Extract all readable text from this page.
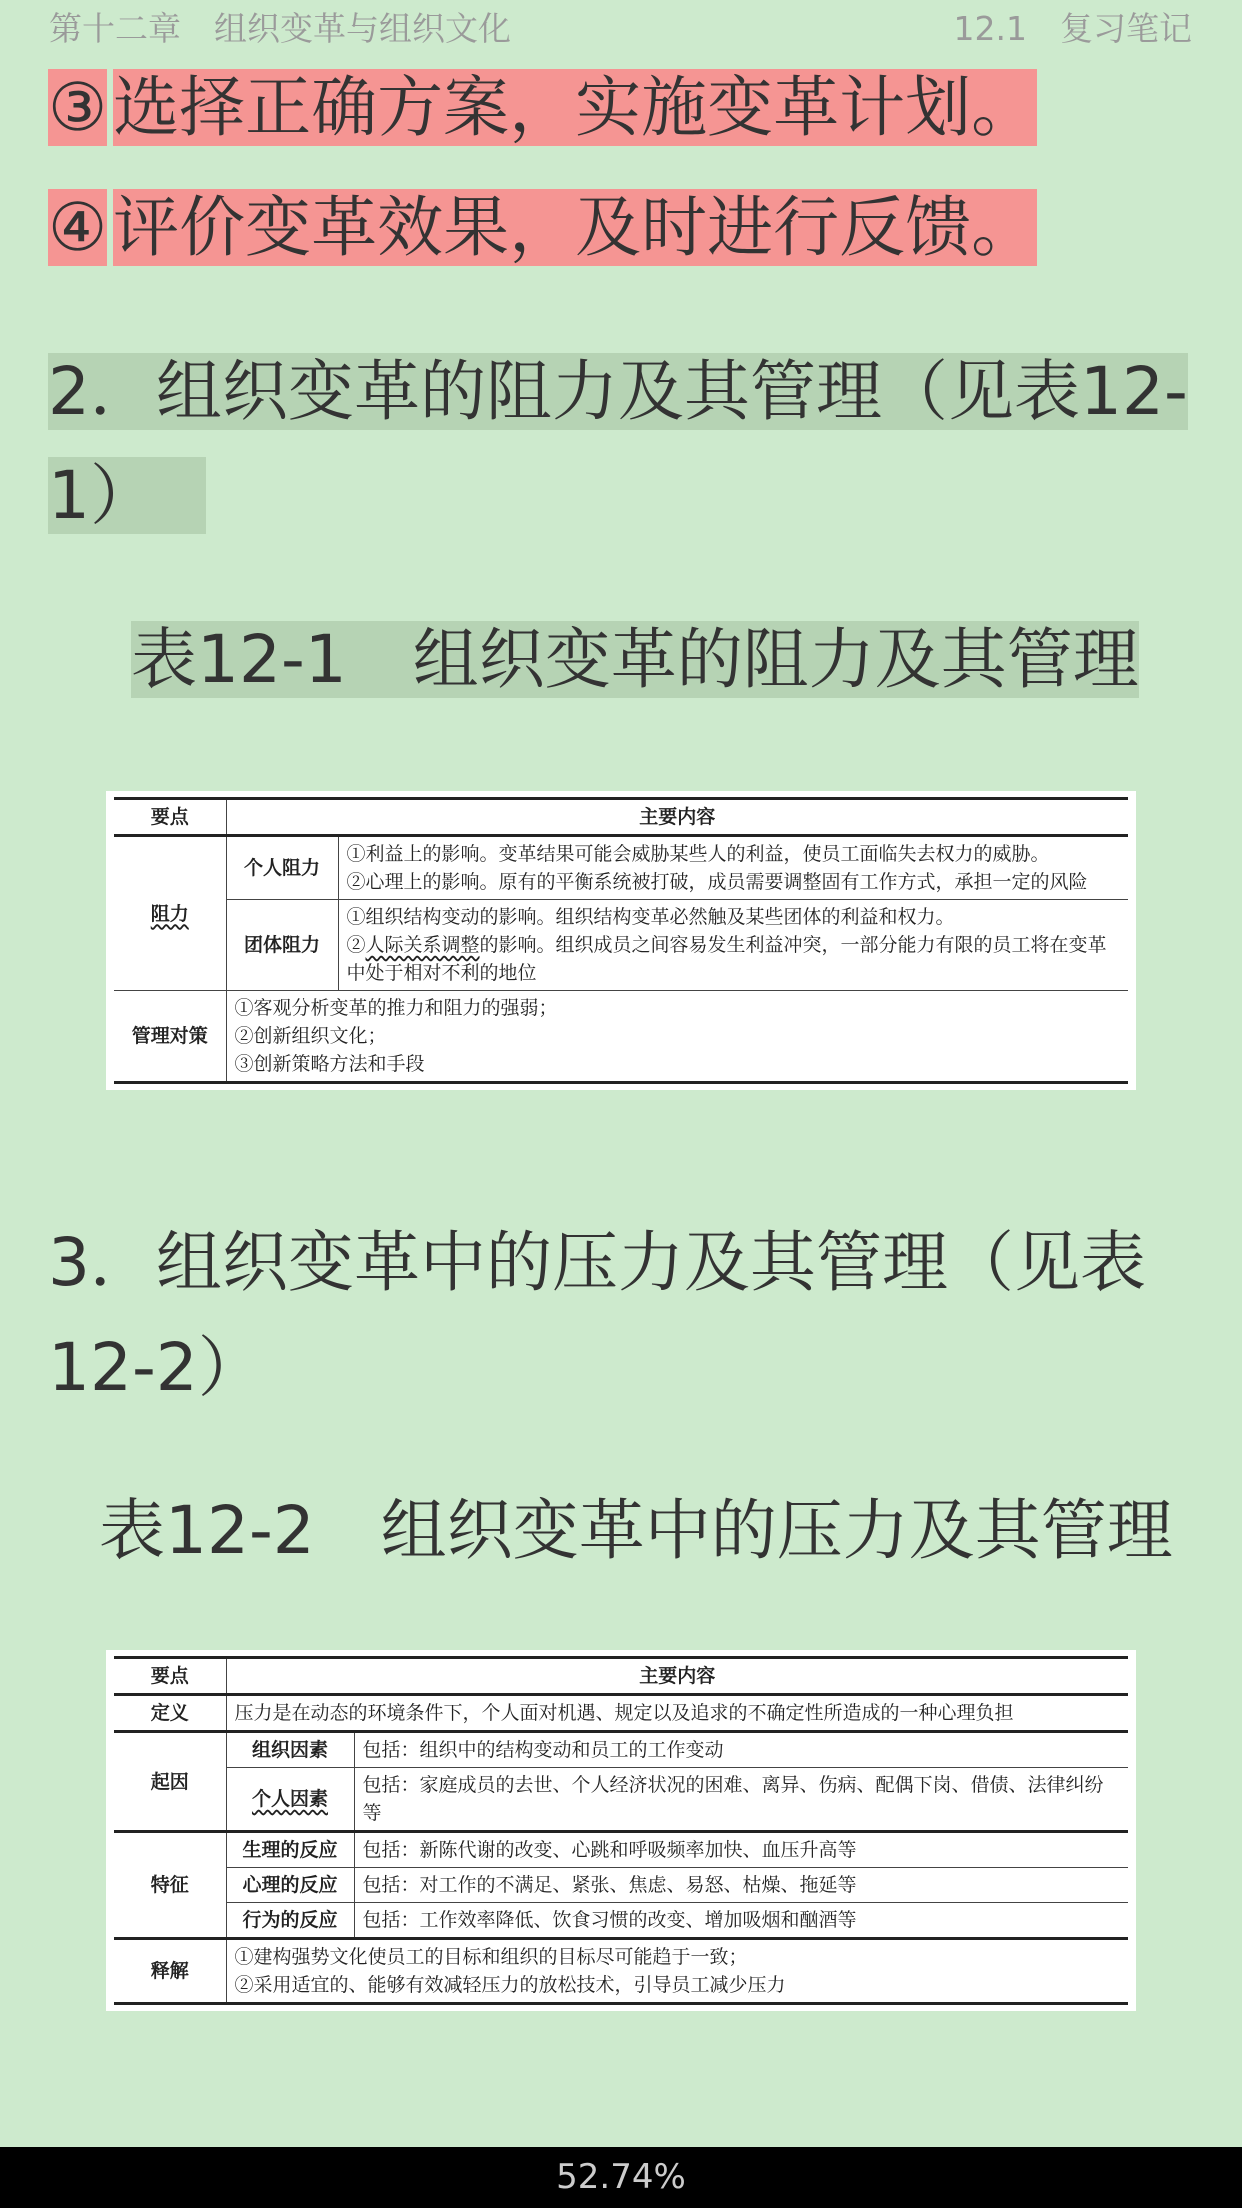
第十二章　组织变革与组织文化	12.1　复习笔记
③选择正确方案，实施变革计划。
④评价变革效果，及时进行反馈。
2．组织变革的阻力及其管理（见表12-
1）
表12-1　组织变革的阻力及其管理
要点	主要内容	
阻力	个人阻力	①利益上的影响。变革结果可能会威胁某些人的利益，使员工面临失去权力的威胁。
②心理上的影响。原有的平衡系统被打破，成员需要调整固有工作方式，承担一定的风险

	团体阻力	①组织结构变动的影响。组织结构变革必然触及某些团体的利益和权力。
②人际关系调整的影响。组织成员之间容易发生利益冲突，一部分能力有限的员工将在变革中处于相对不利的地位

管理对策	①客观分析变革的推力和阻力的强弱；
②创新组织文化；
③创新策略方法和手段	
3．组织变革中的压力及其管理（见表
12-2）
表12-2　组织变革中的压力及其管理
要点	主要内容	
定义	压力是在动态的环境条件下，个人面对机遇、规定以及追求的不确定性所造成的一种心理负担	
起因	组织因素	包括：组织中的结构变动和员工的工作变动
	个人因素	包括：家庭成员的去世、个人经济状况的困难、离异、伤病、配偶下岗、借债、法律纠纷等
特征	生理的反应	包括：新陈代谢的改变、心跳和呼吸频率加快、血压升高等
	心理的反应	包括：对工作的不满足、紧张、焦虑、易怒、枯燥、拖延等
	行为的反应	包括：工作效率降低、饮食习惯的改变、增加吸烟和酗酒等
释解	①建构强势文化使员工的目标和组织的目标尽可能趋于一致；
②采用适宜的、能够有效减轻压力的放松技术，引导员工减少压力	
52.74%
